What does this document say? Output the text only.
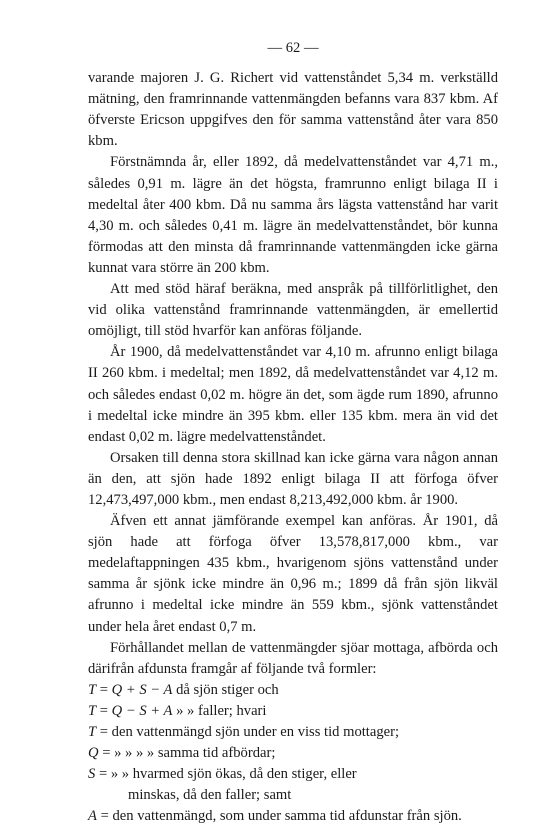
— 62 —

varande majoren J. G. Richert vid vattenståndet 5,34 m. verkställd mätning, den framrinnande vattenmängden befanns vara 837 kbm. Af öfverste Ericson uppgifves den för samma vattenstånd åter vara 850 kbm.

Förstnämnda år, eller 1892, då medelvattenståndet var 4,71 m., således 0,91 m. lägre än det högsta, framrunno enligt bilaga II i medeltal åter 400 kbm. Då nu samma års lägsta vattenstånd har varit 4,30 m. och således 0,41 m. lägre än medelvattenståndet, bör kunna förmodas att den minsta då framrinnande vattenmängden icke gärna kunnat vara större än 200 kbm.

Att med stöd häraf beräkna, med anspråk på tillförlitlighet, den vid olika vattenstånd framrinnande vattenmängden, är emellertid omöjligt, till stöd hvarför kan anföras följande.

År 1900, då medelvattenståndet var 4,10 m. afrunno enligt bilaga II 260 kbm. i medeltal; men 1892, då medelvattenståndet var 4,12 m. och således endast 0,02 m. högre än det, som ägde rum 1890, afrunno i medeltal icke mindre än 395 kbm. eller 135 kbm. mera än vid det endast 0,02 m. lägre medelvattenståndet.

Orsaken till denna stora skillnad kan icke gärna vara någon annan än den, att sjön hade 1892 enligt bilaga II att förfoga öfver 12,473,497,000 kbm., men endast 8,213,492,000 kbm. år 1900.

Äfven ett annat jämförande exempel kan anföras. År 1901, då sjön hade att förfoga öfver 13,578,817,000 kbm., var medelaftappningen 435 kbm., hvarigenom sjöns vattenstånd under samma år sjönk icke mindre än 0,96 m.; 1899 då från sjön likväl afrunno i medeltal icke mindre än 559 kbm., sjönk vattenståndet under hela året endast 0,7 m.

Förhållandet mellan de vattenmängder sjöar mottaga, afbörda och därifrån afdunsta framgår af följande två formler:

T = Q + S − A då sjön stiger och
T = Q − S + A » » faller; hvari
T = den vattenmängd sjön under en viss tid mottager;
Q = » » » » samma tid afbördar;
S = » » hvarmed sjön ökas, då den stiger, eller
minskas, då den faller; samt
A = den vattenmängd, som under samma tid afdunstar från sjön.
